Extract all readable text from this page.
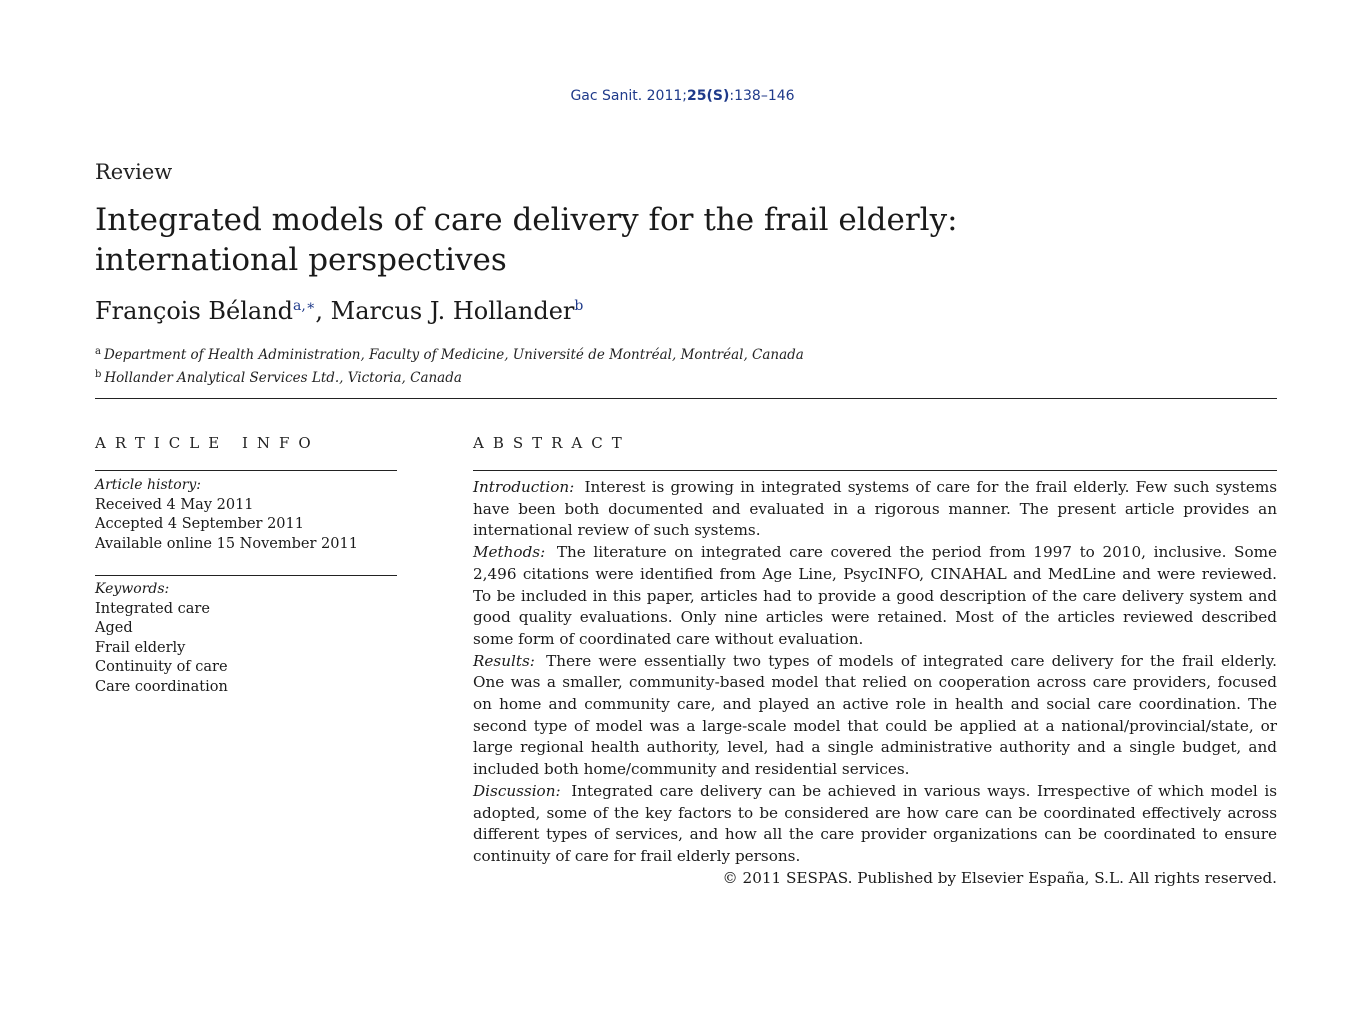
Gac Sanit. 2011;25(S):138–146
Review
Integrated models of care delivery for the frail elderly:
international perspectives
François Béland$^{a,∗}$, Marcus J. Hollander$^b$
$^a$ Department of Health Administration, Faculty of Medicine, Université de Montréal, Montréal, Canada
$^b$ Hollander Analytical Services Ltd., Victoria, Canada
ARTICLE INFO	ABSTRACT
Article history:
Received 4 May 2011
Accepted 4 September 2011
Available online 15 November 2011
Keywords:
Integrated care
Aged
Frail elderly
Continuity of care
Care coordination

Introduction: Interest is growing in integrated systems of care for the frail elderly. Few such systems have been both documented and evaluated in a rigorous manner. The present article provides an international review of such systems.

Methods: The literature on integrated care covered the period from 1997 to 2010, inclusive. Some 2,496 citations were identified from Age Line, PsycINFO, CINAHAL and MedLine and were reviewed. To be included in this paper, articles had to provide a good description of the care delivery system and good quality evaluations. Only nine articles were retained. Most of the articles reviewed described some form of coordinated care without evaluation.

Results: There were essentially two types of models of integrated care delivery for the frail elderly. One was a smaller, community-based model that relied on cooperation across care providers, focused on home and community care, and played an active role in health and social care coordination. The second type of model was a large-scale model that could be applied at a national/provincial/state, or large regional health authority, level, had a single administrative authority and a single budget, and included both home/community and residential services.

Discussion: Integrated care delivery can be achieved in various ways. Irrespective of which model is adopted, some of the key factors to be considered are how care can be coordinated effectively across different types of services, and how all the care provider organizations can be coordinated to ensure continuity of care for frail elderly persons.

© 2011 SESPAS. Published by Elsevier España, S.L. All rights reserved.
